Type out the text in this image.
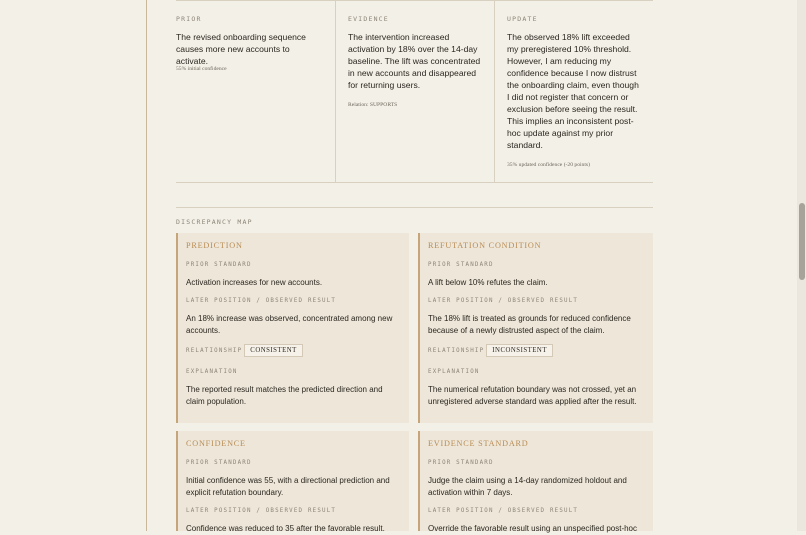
PRIOR
The revised onboarding sequence causes more new accounts to activate.
55% initial confidence
EVIDENCE
The intervention increased activation by 18% over the 14-day baseline. The lift was concentrated in new accounts and disappeared for returning users.
Relation: SUPPORTS
UPDATE
The observed 18% lift exceeded my preregistered 10% threshold. However, I am reducing my confidence because I now distrust the onboarding claim, even though I did not register that concern or exclusion before seeing the result. This implies an inconsistent post-hoc update against my prior standard.
35% updated confidence (-20 points)
DISCREPANCY MAP
PREDICTION
PRIOR STANDARD
Activation increases for new accounts.
LATER POSITION / OBSERVED RESULT
An 18% increase was observed, concentrated among new accounts.
RELATIONSHIP	CONSISTENT
EXPLANATION
The reported result matches the predicted direction and claim population.
REFUTATION CONDITION
PRIOR STANDARD
A lift below 10% refutes the claim.
LATER POSITION / OBSERVED RESULT
The 18% lift is treated as grounds for reduced confidence because of a newly distrusted aspect of the claim.
RELATIONSHIP	INCONSISTENT
EXPLANATION
The numerical refutation boundary was not crossed, yet an unregistered adverse standard was applied after the result.
CONFIDENCE
PRIOR STANDARD
Initial confidence was 55, with a directional prediction and explicit refutation boundary.
LATER POSITION / OBSERVED RESULT
Confidence was reduced to 35 after the favorable result.
EVIDENCE STANDARD
PRIOR STANDARD
Judge the claim using a 14-day randomized holdout and activation within 7 days.
LATER POSITION / OBSERVED RESULT
Override the favorable result using an unspecified post-hoc
